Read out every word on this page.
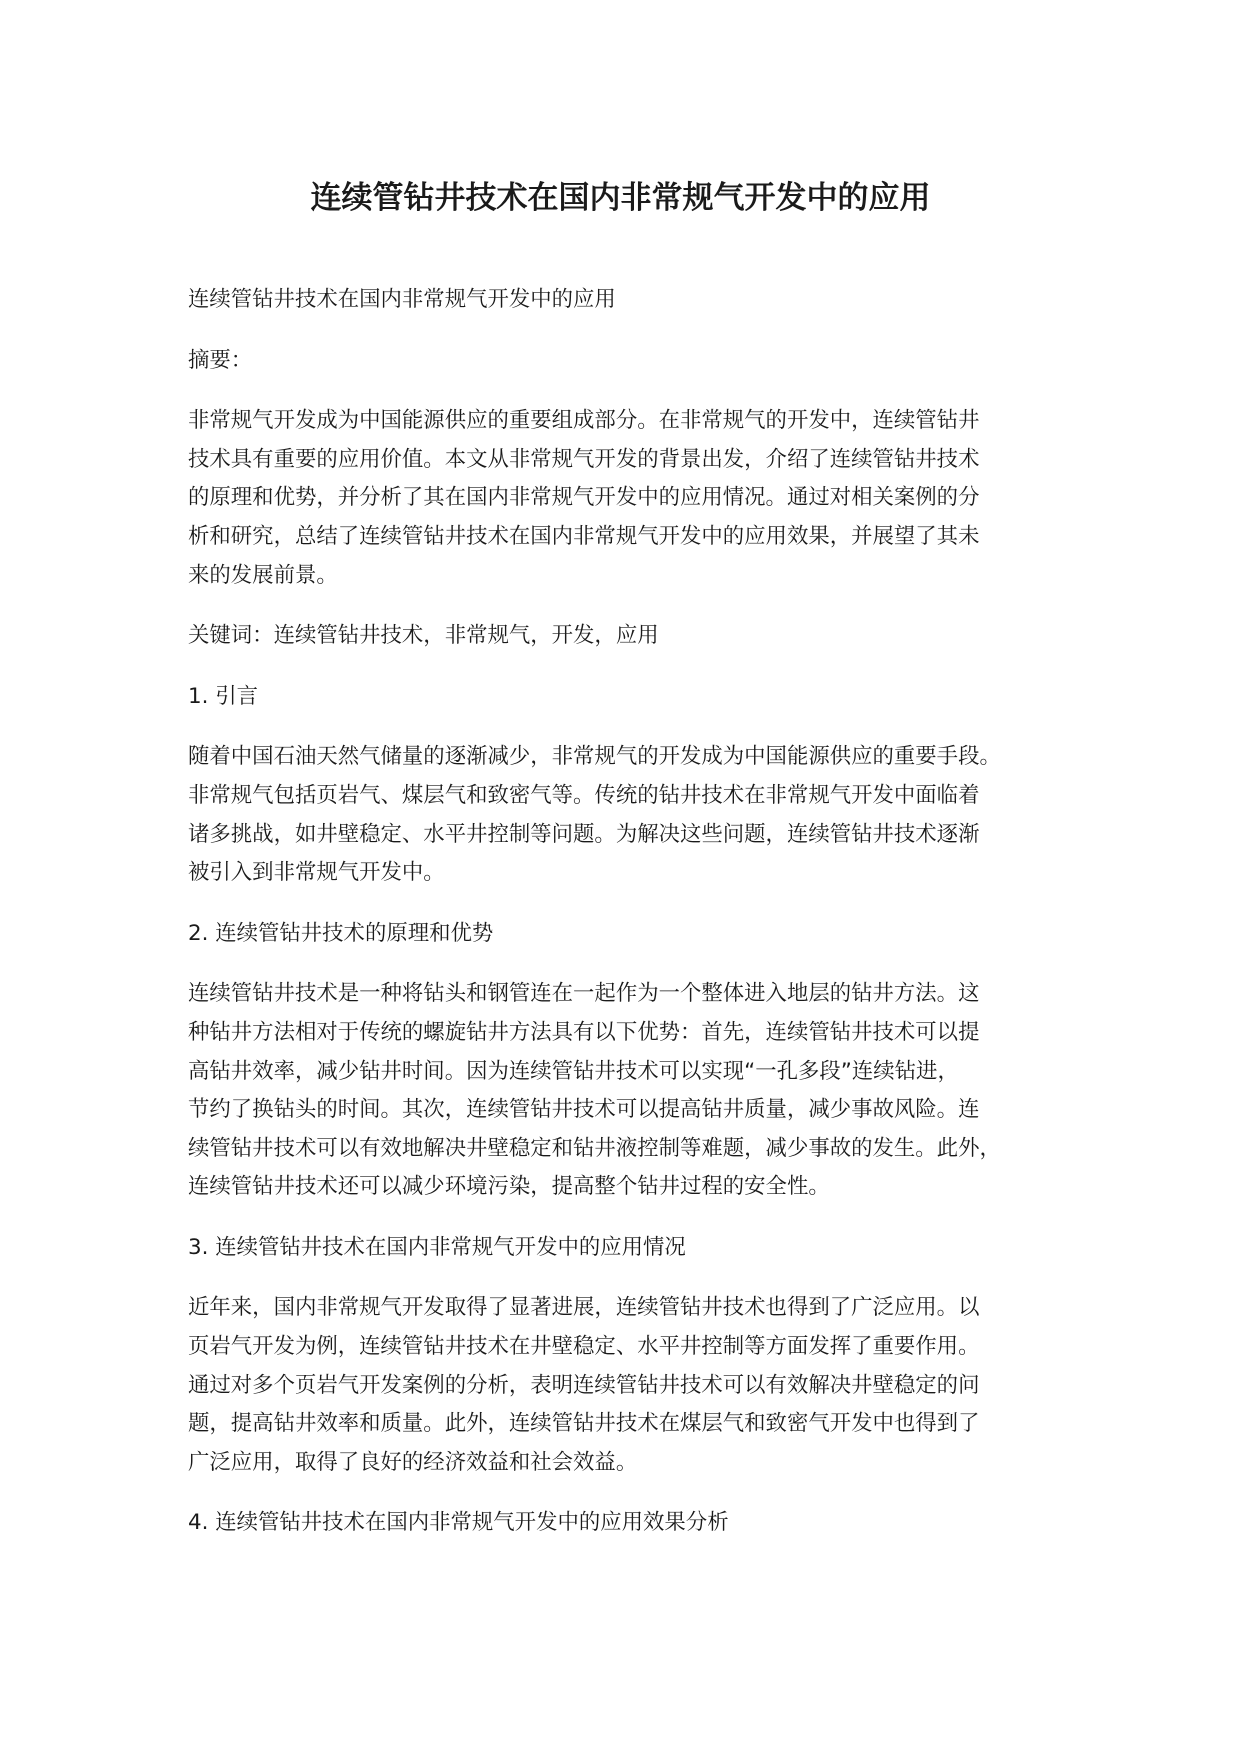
连续管钻井技术在国内非常规气开发中的应用

连续管钻井技术在国内非常规气开发中的应用

摘要：

非常规气开发成为中国能源供应的重要组成部分。在非常规气的开发中，连续管钻井
技术具有重要的应用价值。本文从非常规气开发的背景出发，介绍了连续管钻井技术
的原理和优势，并分析了其在国内非常规气开发中的应用情况。通过对相关案例的分
析和研究，总结了连续管钻井技术在国内非常规气开发中的应用效果，并展望了其未
来的发展前景。

关键词：连续管钻井技术，非常规气，开发，应用

1. 引言

随着中国石油天然气储量的逐渐减少，非常规气的开发成为中国能源供应的重要手段。
非常规气包括页岩气、煤层气和致密气等。传统的钻井技术在非常规气开发中面临着
诸多挑战，如井壁稳定、水平井控制等问题。为解决这些问题，连续管钻井技术逐渐
被引入到非常规气开发中。

2. 连续管钻井技术的原理和优势

连续管钻井技术是一种将钻头和钢管连在一起作为一个整体进入地层的钻井方法。这
种钻井方法相对于传统的螺旋钻井方法具有以下优势：首先，连续管钻井技术可以提
高钻井效率，减少钻井时间。因为连续管钻井技术可以实现“一孔多段”连续钻进，
节约了换钻头的时间。其次，连续管钻井技术可以提高钻井质量，减少事故风险。连
续管钻井技术可以有效地解决井壁稳定和钻井液控制等难题，减少事故的发生。此外，
连续管钻井技术还可以减少环境污染，提高整个钻井过程的安全性。

3. 连续管钻井技术在国内非常规气开发中的应用情况

近年来，国内非常规气开发取得了显著进展，连续管钻井技术也得到了广泛应用。以
页岩气开发为例，连续管钻井技术在井壁稳定、水平井控制等方面发挥了重要作用。
通过对多个页岩气开发案例的分析，表明连续管钻井技术可以有效解决井壁稳定的问
题，提高钻井效率和质量。此外，连续管钻井技术在煤层气和致密气开发中也得到了
广泛应用，取得了良好的经济效益和社会效益。

4. 连续管钻井技术在国内非常规气开发中的应用效果分析
